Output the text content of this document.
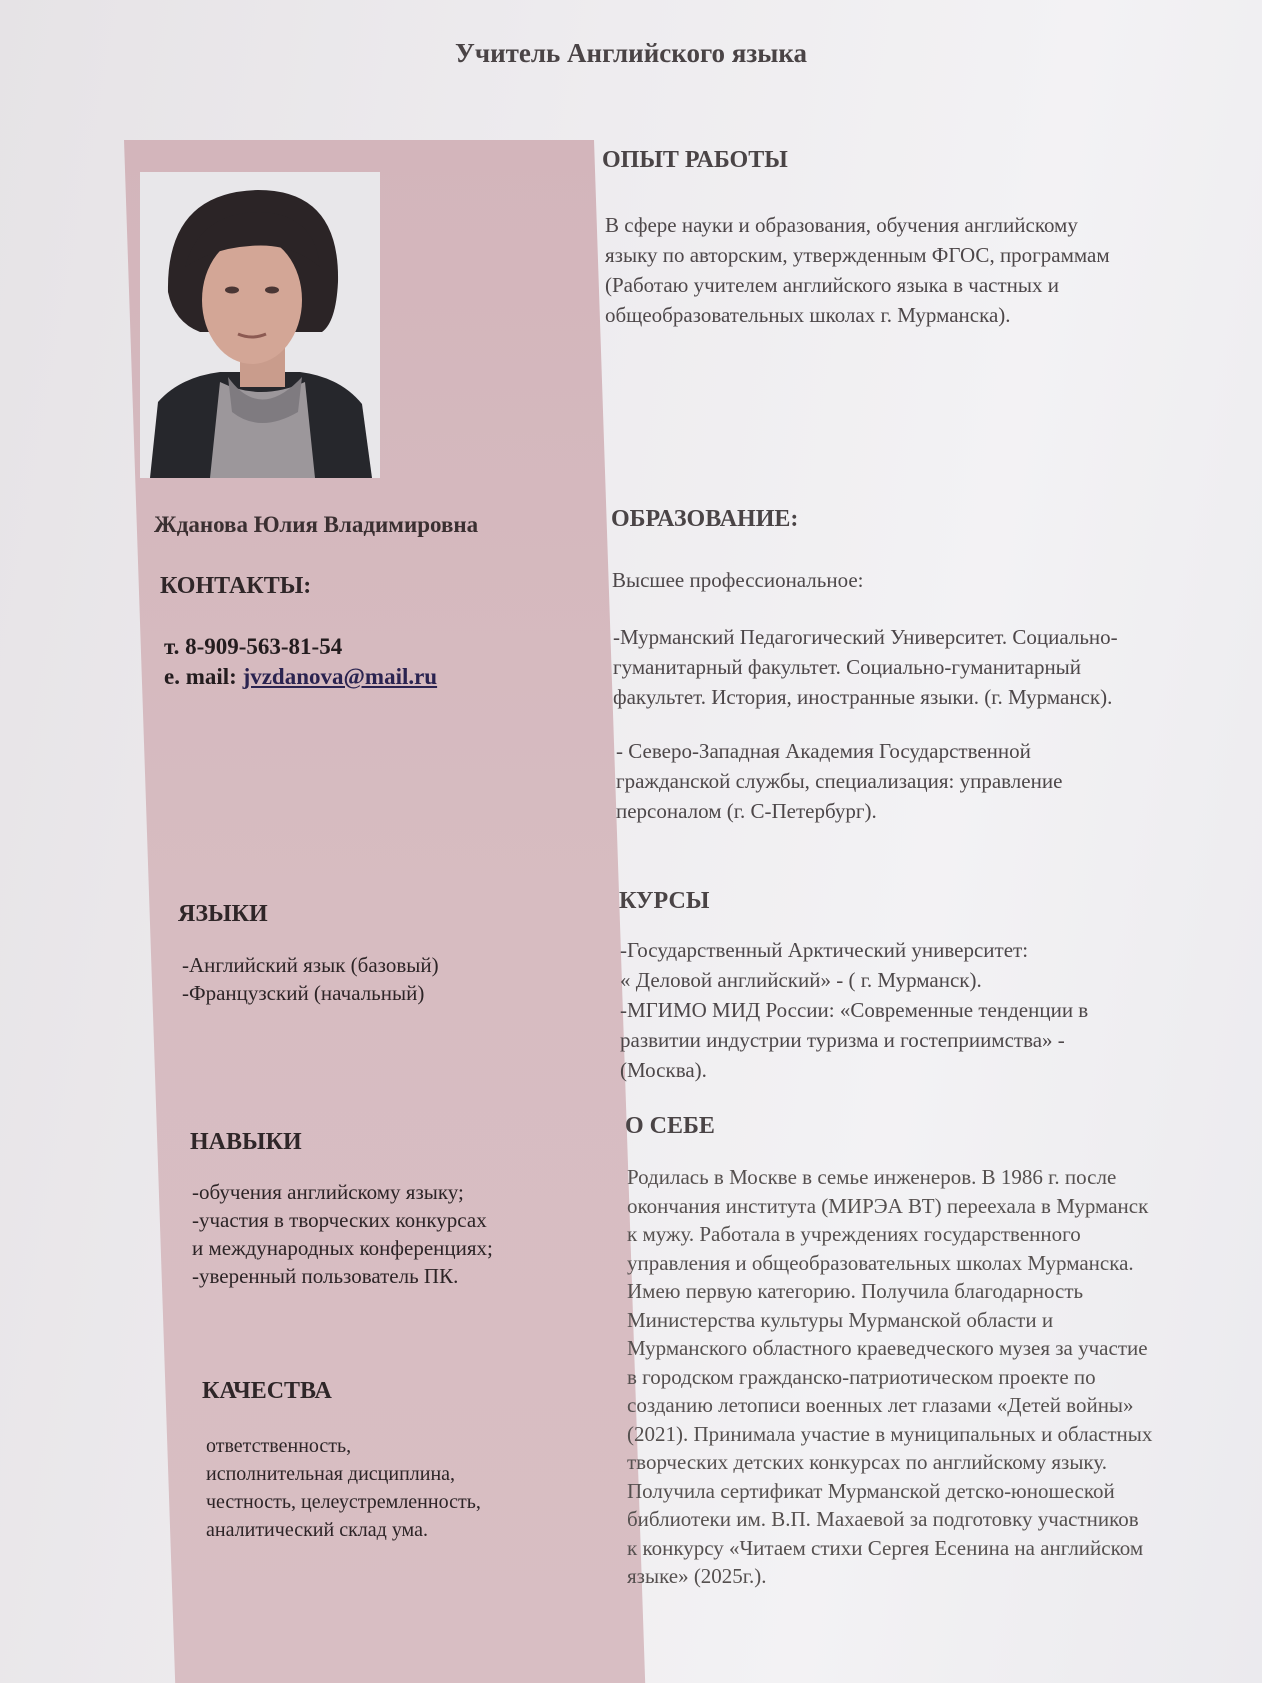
Учитель Английского языка
Жданова Юлия Владимировна
КОНТАКТЫ:
т. 8-909-563-81-54
e. mail: jvzdanova@mail.ru
ЯЗЫКИ
-Английский язык (базовый)
-Французский (начальный)
НАВЫКИ
-обучения английскому языку;
-участия в творческих конкурсах
и международных конференциях;
-уверенный пользователь ПК.
КАЧЕСТВА
ответственность,
исполнительная дисциплина,
честность, целеустремленность,
аналитический склад ума.
ОПЫТ РАБОТЫ
В сфере науки и образования, обучения английскому
языку по авторским, утвержденным ФГОС, программам
(Работаю учителем английского языка в частных и
общеобразовательных школах г. Мурманска).
ОБРАЗОВАНИЕ:
Высшее профессиональное:
-Мурманский Педагогический Университет. Социально-
гуманитарный факультет. Социально-гуманитарный
факультет. История, иностранные языки. (г. Мурманск).
- Северо-Западная Академия Государственной
гражданской службы, специализация: управление
персоналом (г. С-Петербург).
КУРСЫ
-Государственный Арктический университет:
« Деловой английский» - ( г. Мурманск).
-МГИМО МИД России: «Современные тенденции в
развитии индустрии туризма и гостеприимства» -
(Москва).
О СЕБЕ
Родилась в Москве в семье инженеров. В 1986 г. после
окончания института (МИРЭА ВТ) переехала в Мурманск
к мужу. Работала в учреждениях государственного
управления и общеобразовательных школах Мурманска.
Имею первую категорию. Получила благодарность
Министерства культуры Мурманской области и
Мурманского областного краеведческого музея за участие
в городском гражданско-патриотическом проекте по
созданию летописи военных лет глазами «Детей войны»
(2021). Принимала участие в муниципальных и областных
творческих детских конкурсах по английскому языку.
Получила сертификат Мурманской детско-юношеской
библиотеки им. В.П. Махаевой за подготовку участников
к конкурсу «Читаем стихи Сергея Есенина на английском
языке» (2025г.).
